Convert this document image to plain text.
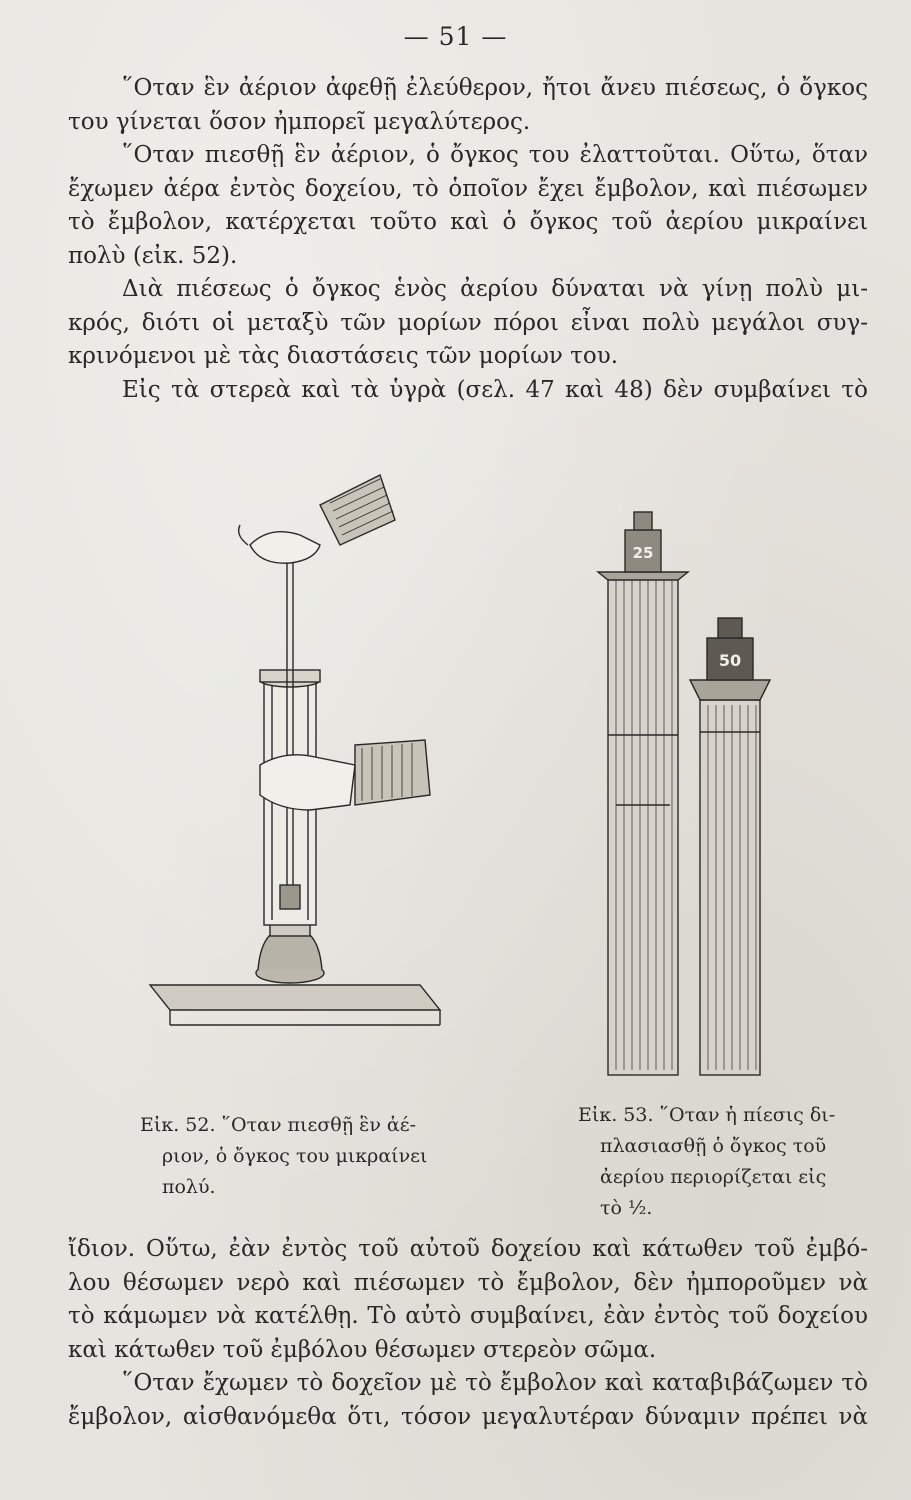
— 51 —
῞Οταν ἓν ἀέριον ἀφεθῇ ἐλεύθερον, ἤτοι ἄνευ πιέσεως, ὁ ὄγκος
του γίνεται ὅσον ἠμπορεῖ μεγαλύτερος.
῞Οταν πιεσθῇ ἓν ἀέριον, ὁ ὄγκος του ἐλαττοῦται. Οὕτω, ὅταν
ἔχωμεν ἀέρα ἐντὸς δοχείου, τὸ ὁποῖον ἔχει ἔμβολον, καὶ πιέσωμεν
τὸ ἔμβολον, κατέρχεται τοῦτο καὶ ὁ ὄγκος τοῦ ἀερίου μικραίνει
πολὺ (εἰκ. 52).
Διὰ πιέσεως ὁ ὄγκος ἑνὸς ἀερίου δύναται νὰ γίνῃ πολὺ μι-
κρός, διότι οἱ μεταξὺ τῶν μορίων πόροι εἶναι πολὺ μεγάλοι συγ-
κρινόμενοι μὲ τὰς διαστάσεις τῶν μορίων του.
Εἰς τὰ στερεὰ καὶ τὰ ὑγρὰ (σελ. 47 καὶ 48) δὲν συμβαίνει τὸ
25
50
Εἰκ. 52. ῞Οταν πιεσθῇ ἓν ἀέ-
ριον, ὁ ὄγκος του μικραίνει
πολύ.
Εἰκ. 53. ῞Οταν ἡ πίεσις δι-
πλασιασθῇ ὁ ὄγκος τοῦ
ἀερίου περιορίζεται εἰς
τὸ ½.
ἴδιον. Οὕτω, ἐὰν ἐντὸς τοῦ αὐτοῦ δοχείου καὶ κάτωθεν τοῦ ἐμβό-
λου θέσωμεν νερὸ καὶ πιέσωμεν τὸ ἔμβολον, δὲν ἠμποροῦμεν νὰ
τὸ κάμωμεν νὰ κατέλθῃ. Τὸ αὐτὸ συμβαίνει, ἐὰν ἐντὸς τοῦ δοχείου
καὶ κάτωθεν τοῦ ἐμβόλου θέσωμεν στερεὸν σῶμα.
῞Οταν ἔχωμεν τὸ δοχεῖον μὲ τὸ ἔμβολον καὶ καταβιβάζωμεν τὸ
ἔμβολον, αἰσθανόμεθα ὅτι, τόσον μεγαλυτέραν δύναμιν πρέπει νὰ
